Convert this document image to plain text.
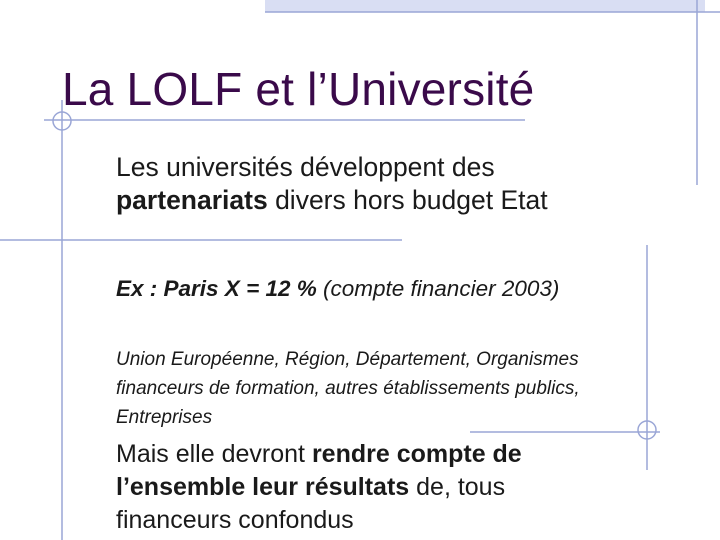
La LOLF et l’Université

Les universités développent des partenariats divers hors budget Etat

Ex : Paris X = 12 % (compte financier 2003)

Union Européenne, Région, Département, Organismes financeurs de formation, autres établissements publics, Entreprises

Mais elle devront rendre compte de l’ensemble leur résultats de, tous financeurs confondus
